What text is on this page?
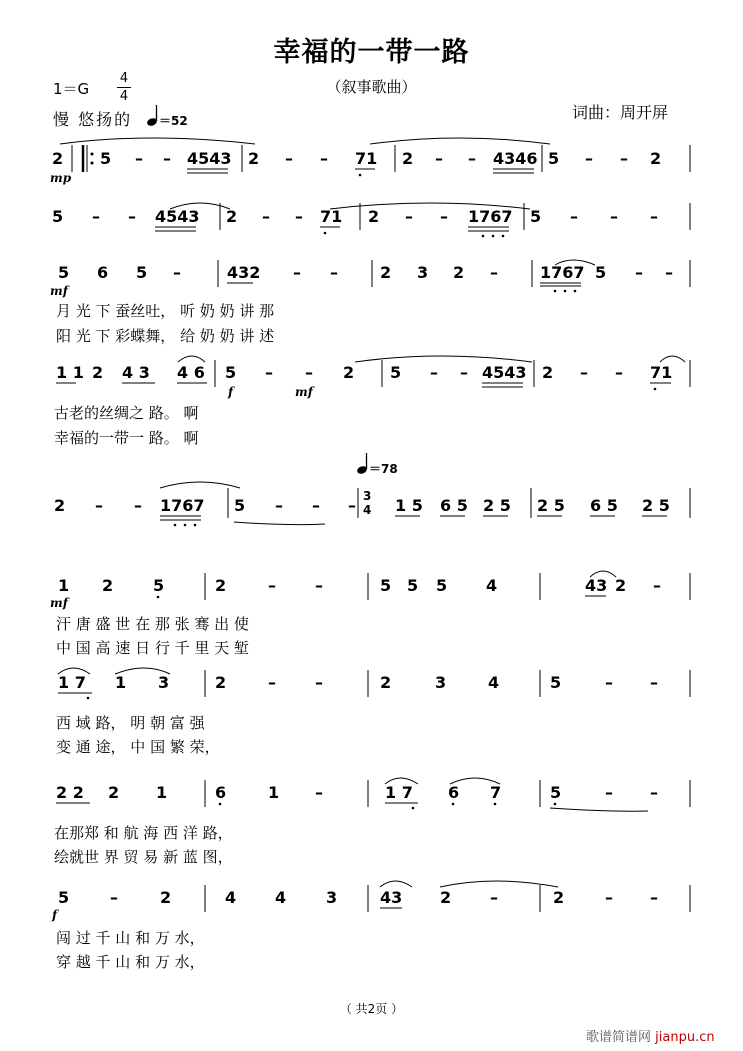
幸福的一带一路
（叙事歌曲）
1＝G
4
4
慢 悠扬的 ＝52	词曲：周开屏
2 5 – – 4543 2 – – 71 2 – – 4346 5 – – 2
mp
5 – – 4543 2 – – 71 2 – – 1767 5 – – –
5 6 5 –	432 – –	2 3 2 –	1767 5 – –
mf
月 光 下 蚕丝吐， 听 奶 奶 讲 那
阳 光 下 彩蝶舞， 给 奶 奶 讲 述
1 1 2 4 3 4 6 5 – – 2 5 – – 4543 2 – – 71
f	mf
古老的丝绸之 路。 啊
幸福的一带一 路。 啊
＝78
2 – – 1767 5 – – – 3
4 1 5 6 5 2 5 2 5 6 5 2 5
1 2 5	2	– –	5 5 5 4	43 2 –
mf
汗 唐 盛 世 在 那 张 骞 出 使
中 国 高 速 日 行 千 里 天 堑
1 7 1 3	2	– –	2	3	4	5	– –
西 域 路， 明 朝 富 强
变 通 途， 中 国 繁 荣，
2 2 2 1	6	1 –	1 7 6 7	5	– –
在那郑 和 航 海 西 洋 路，
绘就世 界 贸 易 新 蓝 图，
5	–	2	4 4 3	43 2 –	2	– –
f
闯 过 千 山 和 万 水，
穿 越 千 山 和 万 水，
（ 共2页 ）
歌谱简谱网 jianpu.cn
